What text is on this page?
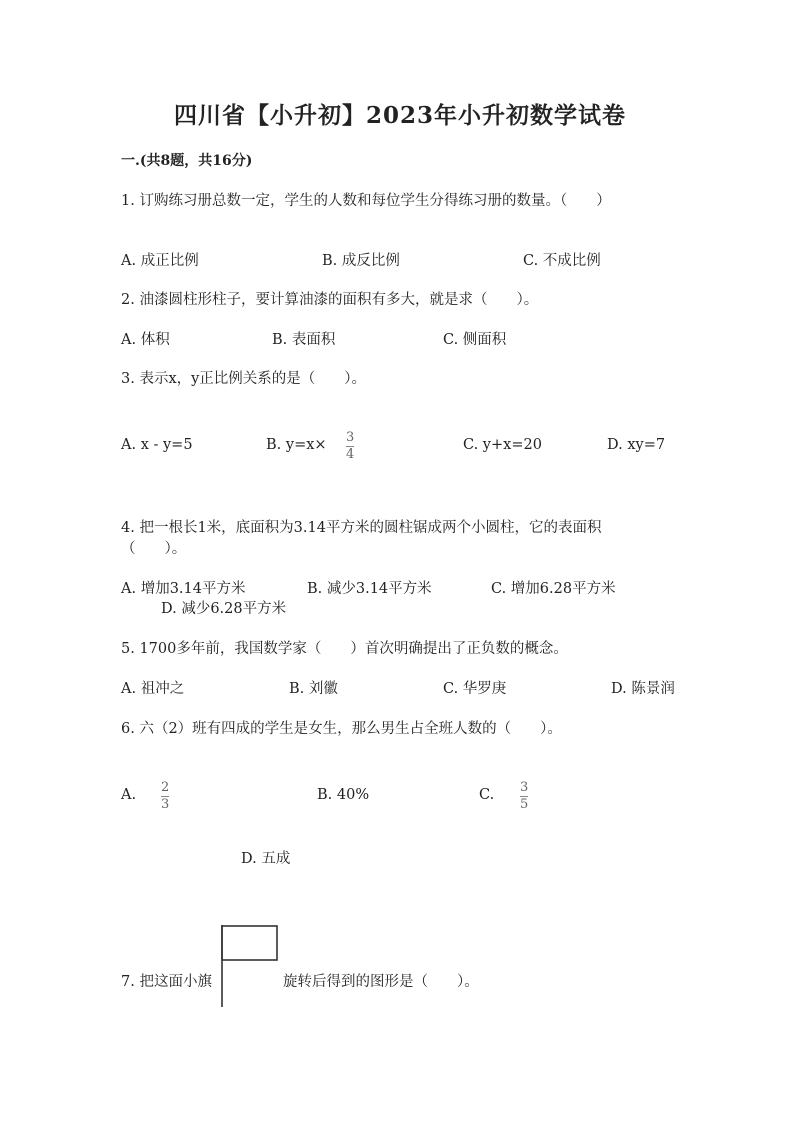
四川省【小升初】2023年小升初数学试卷
一.(共8题，共16分)
1. 订购练习册总数一定，学生的人数和每位学生分得练习册的数量。（　　）
A. 成正比例	B. 成反比例	C. 不成比例
2. 油漆圆柱形柱子，要计算油漆的面积有多大，就是求（　　）。
A. 体积	B. 表面积	C. 侧面积
3. 表示x，y正比例关系的是（　　）。
A. x - y=5	B. y=x× 3
4
C. y+x=20	D. xy=7
4. 把一根长1米，底面积为3.14平方米的圆柱锯成两个小圆柱，它的表面积
（　　）。
A. 增加3.14平方米	B. 减少3.14平方米	C. 增加6.28平方米
D. 减少6.28平方米
5. 1700多年前，我国数学家（　　）首次明确提出了正负数的概念。
A. 祖冲之	B. 刘徽	C. 华罗庚	D. 陈景润
6. 六（2）班有四成的学生是女生，那么男生占全班人数的（　　）。
A. 2
3
B. 40%	C. 3
5
D. 五成
7. 把这面小旗	旋转后得到的图形是（　　）。
